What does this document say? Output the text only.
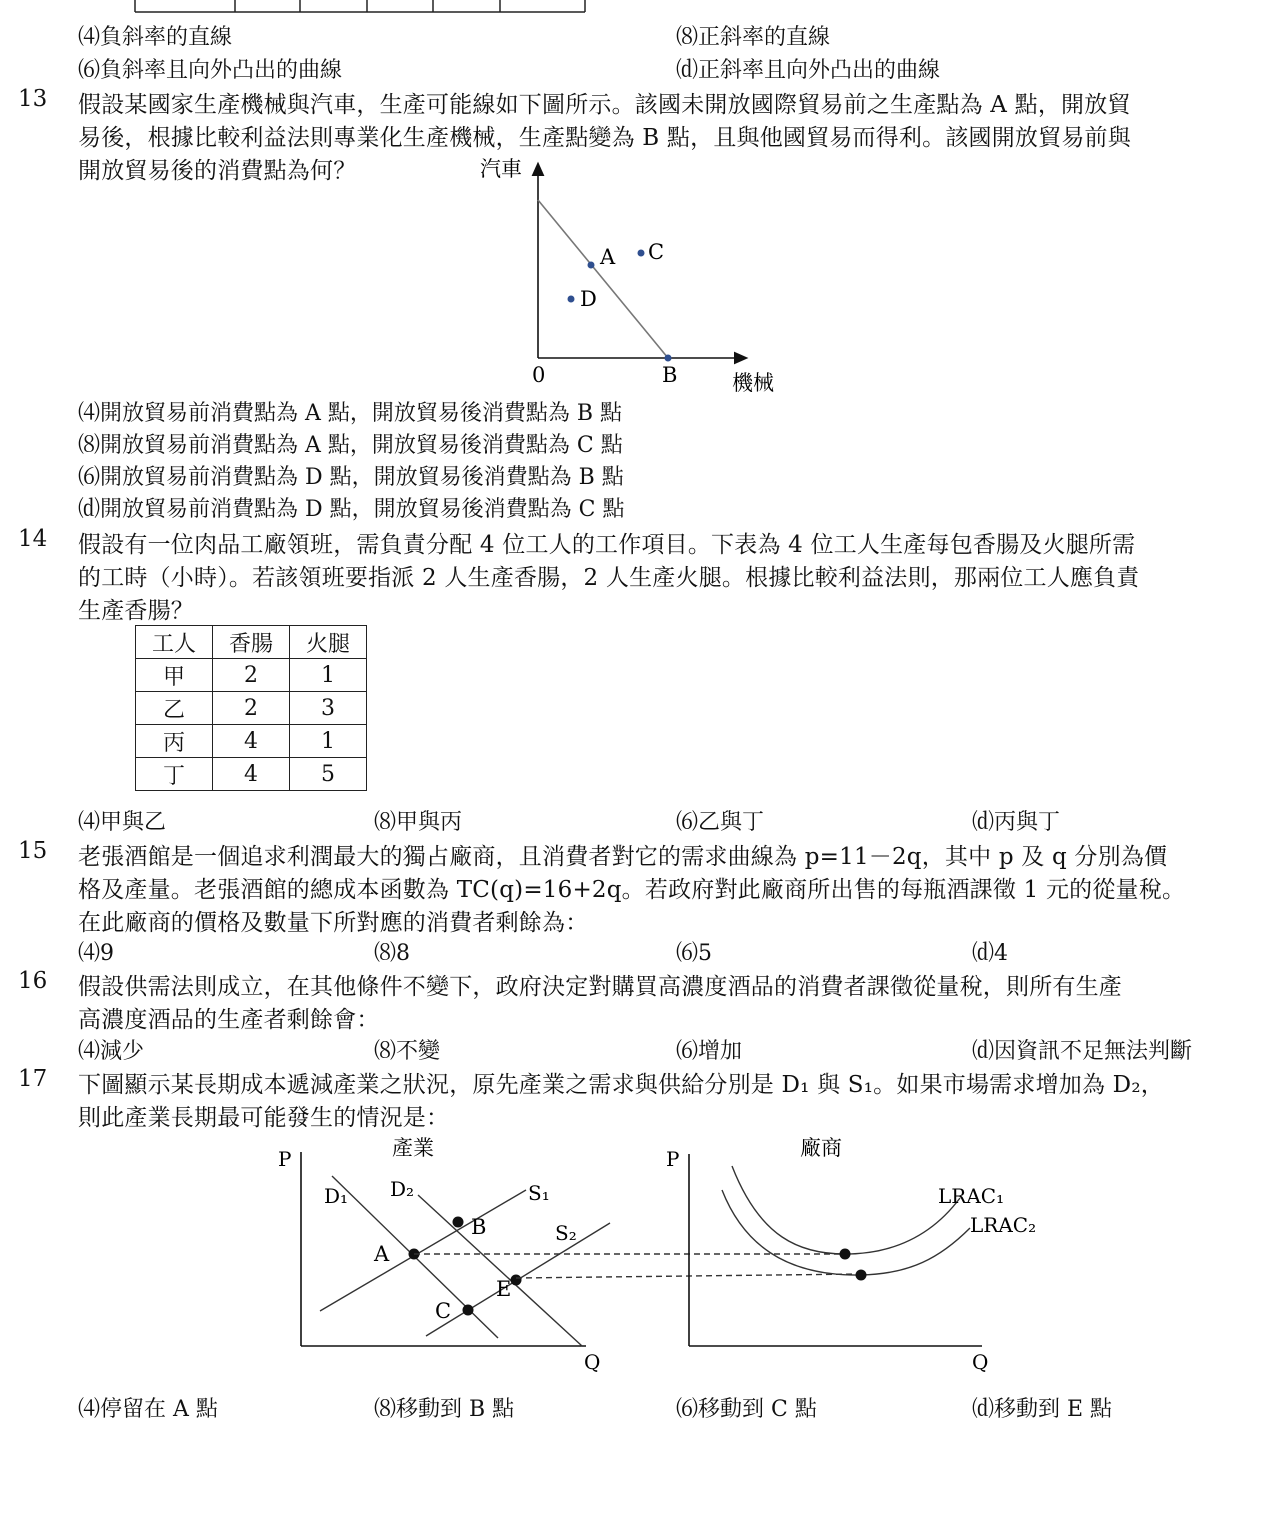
⑷負斜率的直線	⑻正斜率的直線
⑹負斜率且向外凸出的曲線	⒟正斜率且向外凸出的曲線
13 假設某國家生產機械與汽車，生產可能線如下圖所示。該國未開放國際貿易前之生產點為 A 點，開放貿
易後，根據比較利益法則專業化生產機械，生產點變為 B 點，且與他國貿易而得利。該國開放貿易前與
開放貿易後的消費點為何？	汽車
A C
D
0	B	機械
⑷開放貿易前消費點為 A 點，開放貿易後消費點為 B 點
⑻開放貿易前消費點為 A 點，開放貿易後消費點為 C 點
⑹開放貿易前消費點為 D 點，開放貿易後消費點為 B 點
⒟開放貿易前消費點為 D 點，開放貿易後消費點為 C 點
14 假設有一位肉品工廠領班，需負責分配 4 位工人的工作項目。下表為 4 位工人生產每包香腸及火腿所需
的工時（小時）。若該領班要指派 2 人生產香腸，2 人生產火腿。根據比較利益法則，那兩位工人應負責
生產香腸？
工人	香腸	火腿
甲	2	1
乙	2	3
丙	4	1
丁	4	5
⑷甲與乙	⑻甲與丙	⑹乙與丁	⒟丙與丁
15 老張酒館是一個追求利潤最大的獨占廠商，且消費者對它的需求曲線為 p=11－2q，其中 p 及 q 分別為價
格及產量。老張酒館的總成本函數為 TC(q)=16+2q。若政府對此廠商所出售的每瓶酒課徵 1 元的從量稅。
在此廠商的價格及數量下所對應的消費者剩餘為：
⑷9	⑻8	⑹5	⒟4
16 假設供需法則成立，在其他條件不變下，政府決定對購買高濃度酒品的消費者課徵從量稅，則所有生產
高濃度酒品的生產者剩餘會：
⑷減少	⑻不變	⑹增加	⒟因資訊不足無法判斷
17 下圖顯示某長期成本遞減產業之狀況，原先產業之需求與供給分別是 D₁ 與 S₁。如果市場需求增加為 D₂，
則此產業長期最可能發生的情況是：
產業
P
Q
D₁ D₂	S₁
S₂
A
B
E
C
廠商
P
Q
LRAC₁
LRAC₂
⑷停留在 A 點	⑻移動到 B 點	⑹移動到 C 點	⒟移動到 E 點
